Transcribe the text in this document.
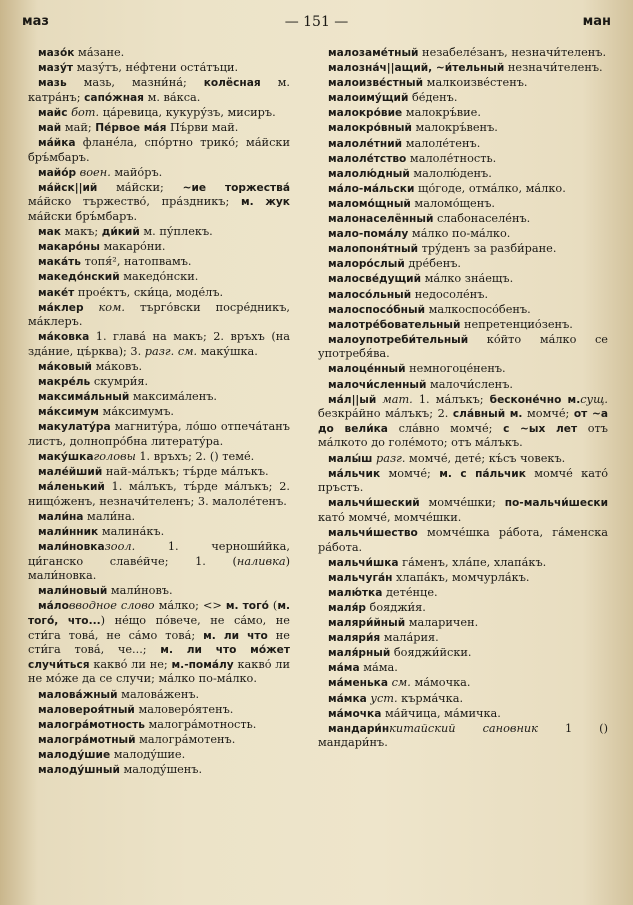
маз	— 151 —	ман

мазо́к ма́зане.

мазу́т мазу́тъ, не́фтени оста́тъци.

мазь мазь, мазни́на́; колёсная м. катра́нъ; сапо́жная м. ва́кса.

майс бот. ца́ревица, кукуру́зъ, мисиръ.

май май; Пе́рвое ма́я Пъ́рви май.

ма́йка фланéла, спо́ртно трико́; ма́йски бръ́мбаръ.

майо́р воен. майо́ръ.

ма́йск||ий ма́йски; ~ие торжества́ ма́йско тържество́, пра́здникъ; м. жук ма́йски бръ́мбаръ.

мак макъ; ди́кий м. пу́плекъ.

макаро́ны макаро́ни.

мака́ть топя́², натопвамъ.

македо́нский македо́нски.

маке́т прое́ктъ, ски́ца, моде́лъ.

ма́клер ком. търго́вски посре́дникъ, ма́клеръ.

ма́ковка 1. глава́ на макъ; 2. връхъ (на зда́ние, цъ́рква); 3. разг. см. маку́шка.

ма́ковый ма́ковъ.

макре́ль скумри́я.

максима́льный максима́ленъ.

ма́ксимум ма́ксимумъ.

макулату́ра магниту́ра, ло́шо отпеча́танъ листъ, долнопро́бна литерату́ра.

маку́шкаголовы 1. връхъ; 2. () теме́.

мале́йший най-ма́лъкъ; тъ́рде ма́лъкъ.

ма́ленький 1. ма́лъкъ, тъ́рде ма́лъкъ; 2. нищо́женъ, незначи́теленъ; 3. малоле́тенъ.

мали́на мали́на.

мали́нник малина́къ.

мали́новказоол. 1. черноши́йка, ци́ганско славе́йче; 1. (наливка) мали́новка.

мали́новый мали́новъ.

ма́ловводное слово ма́лко; <> м. того́ (м. того́, что...) не́що по́вече, не са́мо, не сти́га това́, не са́мо това́; м. ли что не сти́га това́, че...; м. ли что мо́жет случи́ться каквó ли не; м.-пома́лу какво́ ли не мо́же да се случи; ма́лко по-ма́лко.

малова́жный малова́женъ.

маловероя́тный маловеро́ятенъ.

малогра́мотность малогра́мотность.

малогра́мотный малогра́мотенъ.

малоду́шие малоду́шие.

малоду́шный малоду́шенъ.

малозаме́тный незабеле́занъ, незначи́теленъ.

малозна́ч||ащий, ~и́тельный незначи́теленъ.

малоизве́стный малкоизве́стенъ.

малоиму́щий бе́денъ.

малокро́вие малокръ́вие.

малокро́вный малокръ́венъ.

малоле́тний малоле́тенъ.

малоле́тство малоле́тность.

малолю́дный малолю́денъ.

ма́ло-ма́льски що́годе, отма́лко, ма́лко.

маломо́щный маломо́щенъ.

малонаселённый слабонаселе́нъ.

мало-пома́лу ма́лко по-ма́лко.

малопоня́тный тру́денъ за разби́ране.

малоро́слый дре́бенъ.

малосве́дущий ма́лко зна́ещъ.

малосо́льный недосоле́нъ.

малоспосо́бный малкоспосо́бенъ.

малотре́бовательный непретенцио́зенъ.

малоупотреби́тельный ко́йто ма́лко се употребя́ва.

малоце́нный немногоце́ненъ.

малочи́сленный малочи́сленъ.

ма́л||ый мат. 1. ма́лъкъ; бесконе́чно м.сущ. безкра́йно ма́лъкъ; 2. сла́вный м. момче́; от ~а до вели́ка сла́вно момче́; с ~ых лет отъ ма́лкото до голе́мото; отъ ма́лъкъ.

малы́ш разг. момче́, дете́; къ́съ човекъ.

ма́льчик момче́; м. с па́льчик момче́ като́ пръстъ.

мальчи́шеский момче́шки; по-мальчи́шески като́ момче́, момче́шки.

мальчи́шество момче́шка ра́бота, га́менска ра́бота.

мальчи́шка га́менъ, хла́пе, хлапа́къ.

мальчуга́н хлапа́къ, момчурла́къ.

малю́тка дете́нце.

маля́р бояджи́я.

маляри́йный маларичен.

маляри́я мала́рия.

маля́рный бояджи́йски.

ма́ма ма́ма.

ма́менька см. ма́мочка.

ма́мка уст. кърма́чка.

ма́мочка ма́йчица, ма́мичка.

мандари́нкитайский сановник 1 () мандари́нъ.
